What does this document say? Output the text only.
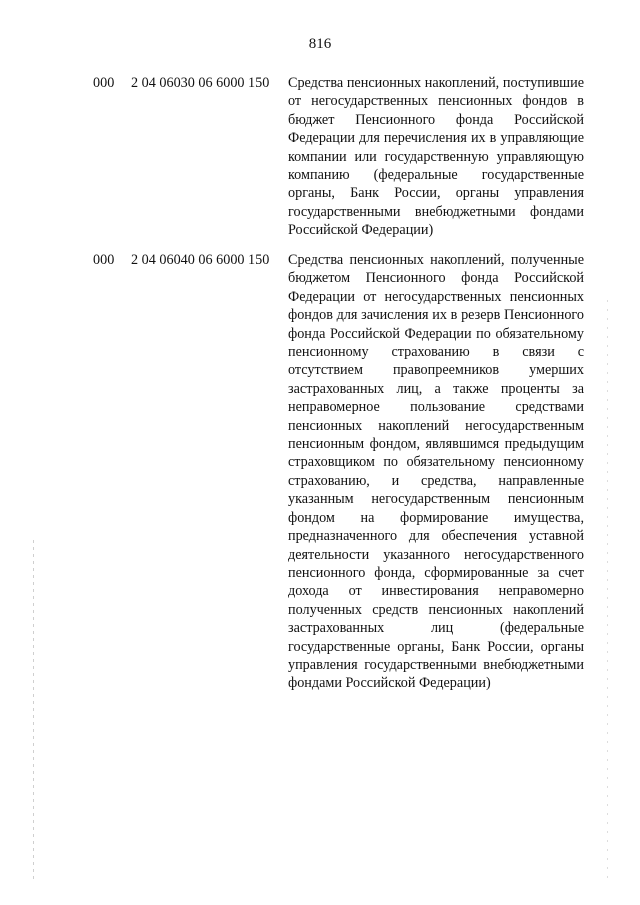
816
000 2 04 06030 06 6000 150 Средства пенсионных накоплений, поступившие от негосударственных пенсионных фондов в бюджет Пенсионного фонда Российской Федерации для перечисления их в управляющие компании или государственную управляющую компанию (федеральные государственные органы, Банк России, органы управления государственными внебюджетными фондами Российской Федерации)
000 2 04 06040 06 6000 150 Средства пенсионных накоплений, полученные бюджетом Пенсионного фонда Российской Федерации от негосударственных пенсионных фондов для зачисления их в резерв Пенсионного фонда Российской Федерации по обязательному пенсионному страхованию в связи с отсутствием правопреемников умерших застрахованных лиц, а также проценты за неправомерное пользование средствами пенсионных накоплений негосударственным пенсионным фондом, являвшимся предыдущим страховщиком по обязательному пенсионному страхованию, и средства, направленные указанным негосударственным пенсионным фондом на формирование имущества, предназначенного для обеспечения уставной деятельности указанного негосударственного пенсионного фонда, сформированные за счет дохода от инвестирования неправомерно полученных средств пенсионных накоплений застрахованных лиц (федеральные государственные органы, Банк России, органы управления государственными внебюджетными фондами Российской Федерации)
